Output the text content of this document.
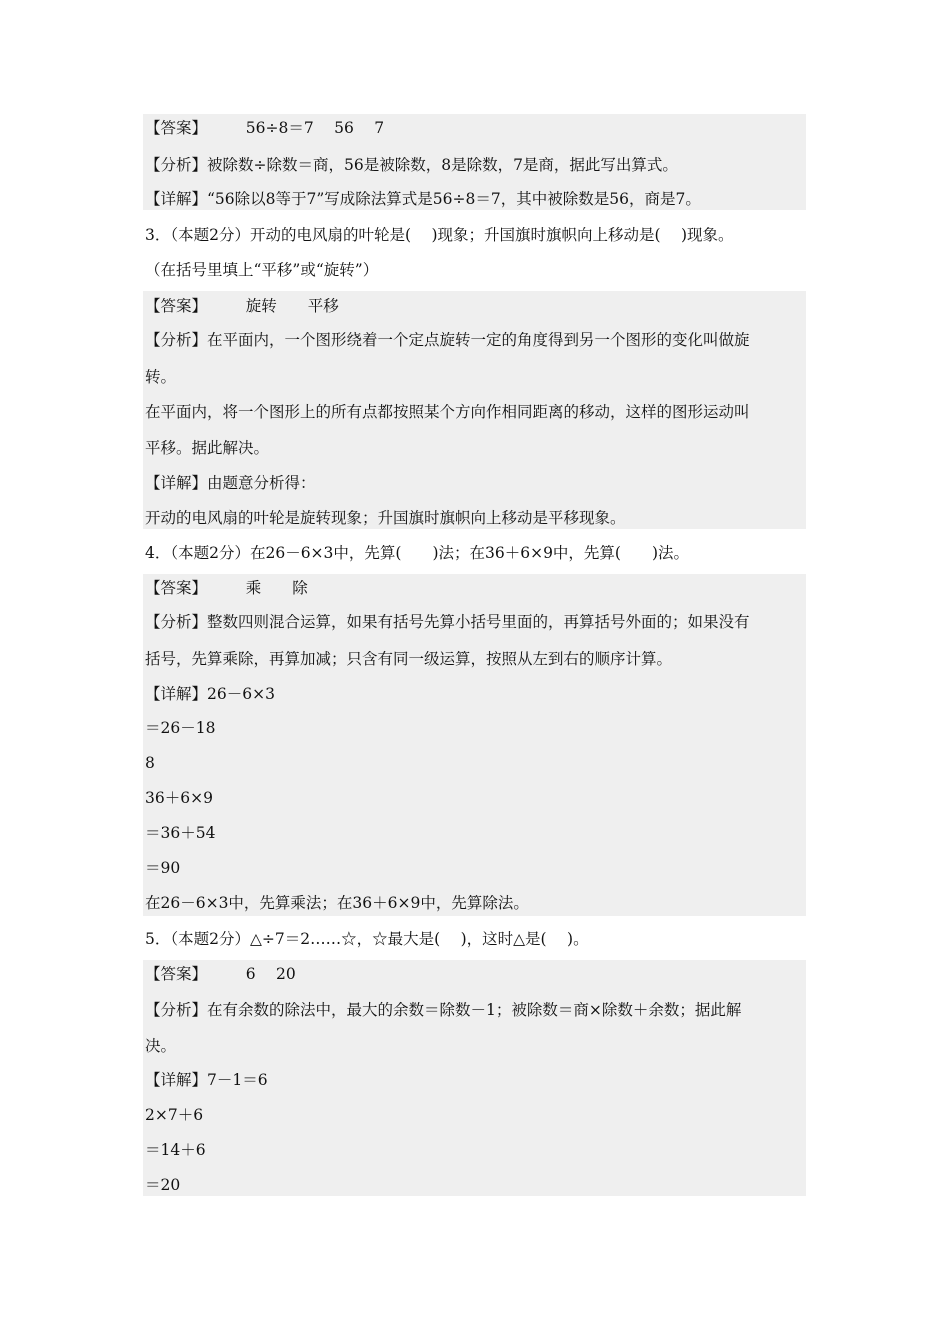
【答案】　　　56÷8＝7　 56　 7
【分析】被除数÷除数＝商，56是被除数，8是除数，7是商，据此写出算式。
【详解】“56除以8等于7”写成除法算式是56÷8＝7，其中被除数是56，商是7。
3．（本题2分）开动的电风扇的叶轮是(　 )现象；升国旗时旗帜向上移动是(　 )现象。
（在括号里填上“平移”或“旋转”）
【答案】　　　旋转　　平移
【分析】在平面内，一个图形绕着一个定点旋转一定的角度得到另一个图形的变化叫做旋
转。
在平面内，将一个图形上的所有点都按照某个方向作相同距离的移动，这样的图形运动叫
平移。据此解决。
【详解】由题意分析得：
开动的电风扇的叶轮是旋转现象；升国旗时旗帜向上移动是平移现象。
4．（本题2分）在26－6×3中，先算(　　)法；在36＋6×9中，先算(　　)法。
【答案】　　　乘　　除
【分析】整数四则混合运算，如果有括号先算小括号里面的，再算括号外面的；如果没有
括号，先算乘除，再算加减；只含有同一级运算，按照从左到右的顺序计算。
【详解】26－6×3
＝26－18
8
36＋6×9
＝36＋54
＝90
在26－6×3中，先算乘法；在36＋6×9中，先算除法。
5．（本题2分）△÷7＝2……☆，☆最大是(　 )，这时△是(　 )。
【答案】　　　6　 20
【分析】在有余数的除法中，最大的余数＝除数－1；被除数＝商×除数＋余数；据此解
决。
【详解】7－1＝6
2×7＋6
＝14＋6
＝20
